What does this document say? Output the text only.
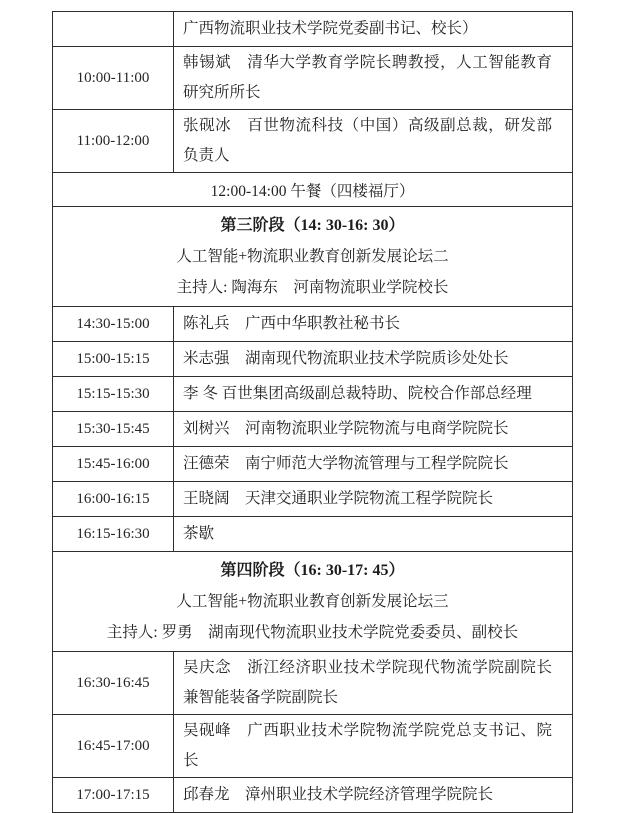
	广西物流职业技术学院党委副书记、校长）
10:00-11:00	韩锡斌　清华大学教育学院长聘教授，人工智能教育研究所所长
11:00-12:00	张砚冰　百世物流科技（中国）高级副总裁，研发部负责人
12:00-14:00 午餐（四楼福厅）	

第三阶段（14: 30-16: 30）
人工智能+物流职业教育创新发展论坛二
主持人: 陶海东　河南物流职业学院校长	

14:30-15:00	陈礼兵　广西中华职教社秘书长
15:00-15:15	米志强　湖南现代物流职业技术学院质诊处处长
15:15-15:30	李 冬 百世集团高级副总裁特助、院校合作部总经理
15:30-15:45	刘树兴　河南物流职业学院物流与电商学院院长
15:45-16:00	汪德荣　南宁师范大学物流管理与工程学院院长
16:00-16:15	王晓阔　天津交通职业学院物流工程学院院长
16:15-16:30	茶歇

第四阶段（16: 30-17: 45）
人工智能+物流职业教育创新发展论坛三
主持人: 罗勇　湖南现代物流职业技术学院党委委员、副校长	

16:30-16:45	吴庆念　浙江经济职业技术学院现代物流学院副院长兼智能装备学院副院长
16:45-17:00	吴砚峰　广西职业技术学院物流学院党总支书记、院长
17:00-17:15	邱春龙　漳州职业技术学院经济管理学院院长
